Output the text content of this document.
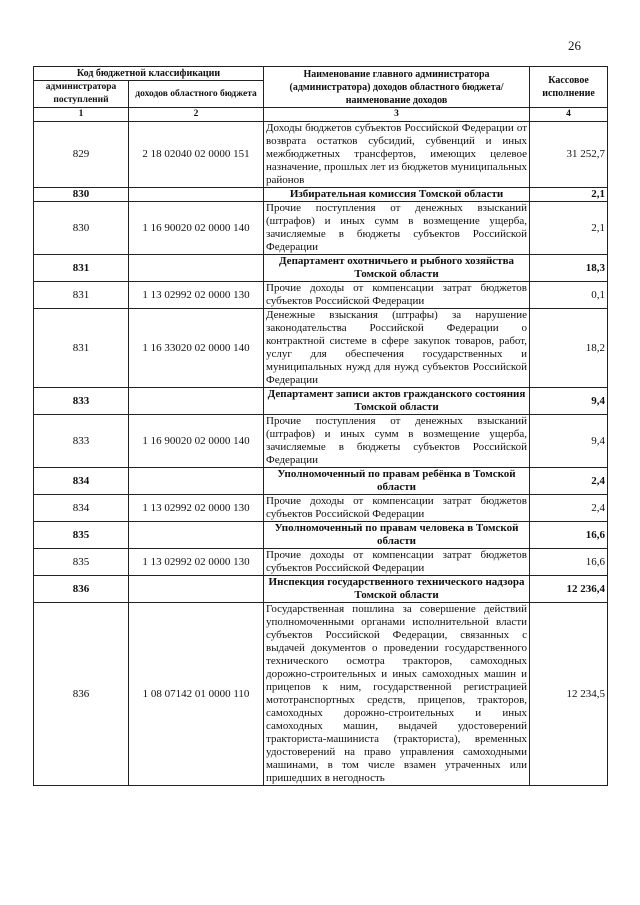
26
Код бюджетной классификации		Наименование главного администратора (администратора) доходов областного бюджета/ наименование доходов	Кассовое исполнение
администратора поступлений	доходов областного бюджета		
1	2	3	4
829	2 18 02040 02 0000 151	Доходы бюджетов субъектов Российской Федерации от возврата остатков субсидий, субвенций и иных межбюджетных трансфертов, имеющих целевое назначение, прошлых лет из бюджетов муниципальных районов	31 252,7
830		Избирательная комиссия Томской области	2,1
830	1 16 90020 02 0000 140	Прочие поступления от денежных взысканий (штрафов) и иных сумм в возмещение ущерба, зачисляемые в бюджеты субъектов Российской Федерации	2,1
831		Департамент охотничьего и рыбного хозяйства Томской области	18,3
831	1 13 02992 02 0000 130	Прочие доходы от компенсации затрат бюджетов субъектов Российской Федерации	0,1
831	1 16 33020 02 0000 140	Денежные взыскания (штрафы) за нарушение законодательства Российской Федерации о контрактной системе в сфере закупок товаров, работ, услуг для обеспечения государственных и муниципальных нужд для нужд субъектов Российской Федерации	18,2
833		Департамент записи актов гражданского состояния Томской области	9,4
833	1 16 90020 02 0000 140	Прочие поступления от денежных взысканий (штрафов) и иных сумм в возмещение ущерба, зачисляемые в бюджеты субъектов Российской Федерации	9,4
834		Уполномоченный по правам ребёнка в Томской области	2,4
834	1 13 02992 02 0000 130	Прочие доходы от компенсации затрат бюджетов субъектов Российской Федерации	2,4
835		Уполномоченный по правам человека в Томской области	16,6
835	1 13 02992 02 0000 130	Прочие доходы от компенсации затрат бюджетов субъектов Российской Федерации	16,6
836		Инспекция государственного технического надзора Томской области	12 236,4
836	1 08 07142 01 0000 110	Государственная пошлина за совершение действий уполномоченными органами исполнительной власти субъектов Российской Федерации, связанных с выдачей документов о проведении государственного технического осмотра тракторов, самоходных дорожно-строительных и иных самоходных машин и прицепов к ним, государственной регистрацией мототранспортных средств, прицепов, тракторов, самоходных дорожно-строительных и иных самоходных машин, выдачей удостоверений тракториста-машиниста (тракториста), временных удостоверений на право управления самоходными машинами, в том числе взамен утраченных или пришедших в негодность	12 234,5
